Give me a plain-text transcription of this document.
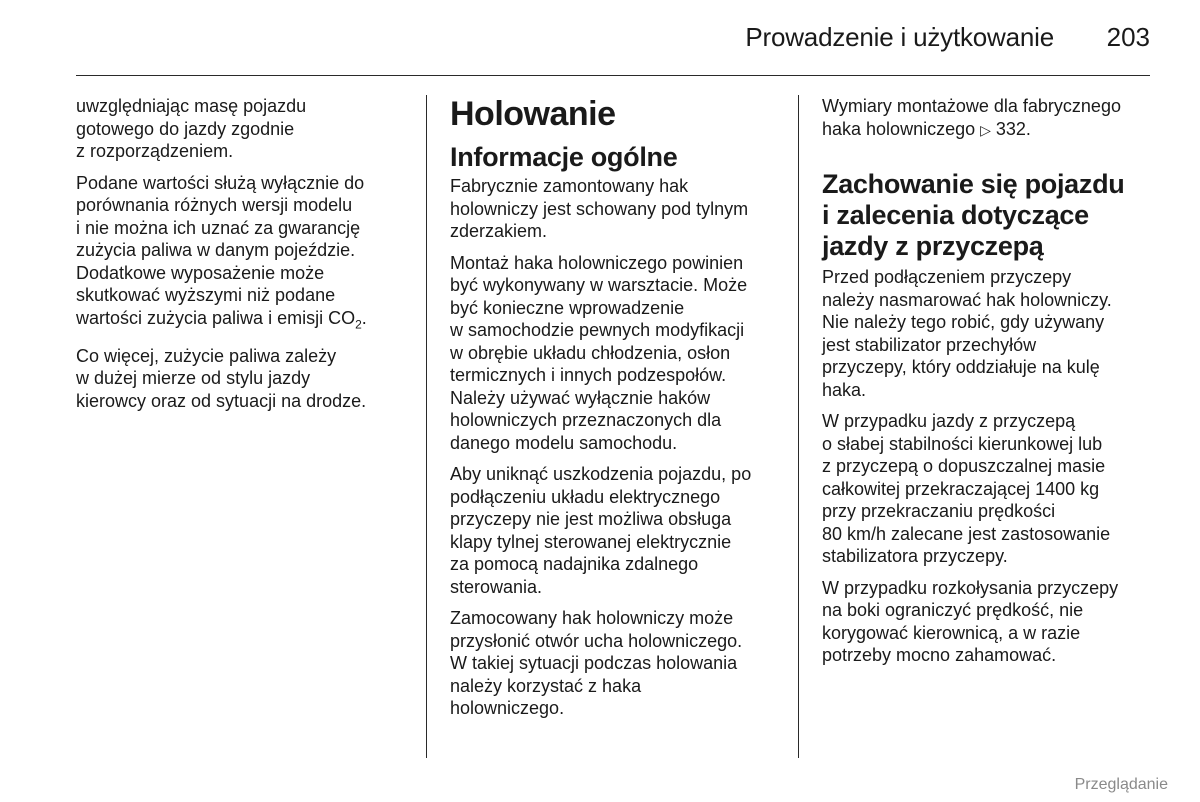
Prowadzenie i użytkowanie 203

uwzględniając masę pojazdu
gotowego do jazdy zgodnie
z rozporządzeniem.

Podane wartości służą wyłącznie do
porównania różnych wersji modelu
i nie można ich uznać za gwarancję
zużycia paliwa w danym pojeździe.
Dodatkowe wyposażenie może
skutkować wyższymi niż podane
wartości zużycia paliwa i emisji $CO_2$.

Co więcej, zużycie paliwa zależy
w dużej mierze od stylu jazdy
kierowcy oraz od sytuacji na drodze.

Holowanie
Informacje ogólne

Fabrycznie zamontowany hak
holowniczy jest schowany pod tylnym
zderzakiem.

Montaż haka holowniczego powinien
być wykonywany w warsztacie. Może
być konieczne wprowadzenie
w samochodzie pewnych modyfikacji
w obrębie układu chłodzenia, osłon
termicznych i innych podzespołów.
Należy używać wyłącznie haków
holowniczych przeznaczonych dla
danego modelu samochodu.

Aby uniknąć uszkodzenia pojazdu, po
podłączeniu układu elektrycznego
przyczepy nie jest możliwa obsługa
klapy tylnej sterowanej elektrycznie
za pomocą nadajnika zdalnego
sterowania.

Zamocowany hak holowniczy może
przysłonić otwór ucha holowniczego.
W takiej sytuacji podczas holowania
należy korzystać z haka
holowniczego.

Wymiary montażowe dla fabrycznego
haka holowniczego ▷ 332.

Zachowanie się pojazdu
i zalecenia dotyczące
jazdy z przyczepą

Przed podłączeniem przyczepy
należy nasmarować hak holowniczy.
Nie należy tego robić, gdy używany
jest stabilizator przechyłów
przyczepy, który oddziałuje na kulę
haka.

W przypadku jazdy z przyczepą
o słabej stabilności kierunkowej lub
z przyczepą o dopuszczalnej masie
całkowitej przekraczającej 1400 kg
przy przekraczaniu prędkości
80 km/h zalecane jest zastosowanie
stabilizatora przyczepy.

W przypadku rozkołysania przyczepy
na boki ograniczyć prędkość, nie
korygować kierownicą, a w razie
potrzeby mocno zahamować.

Przeglądanie
